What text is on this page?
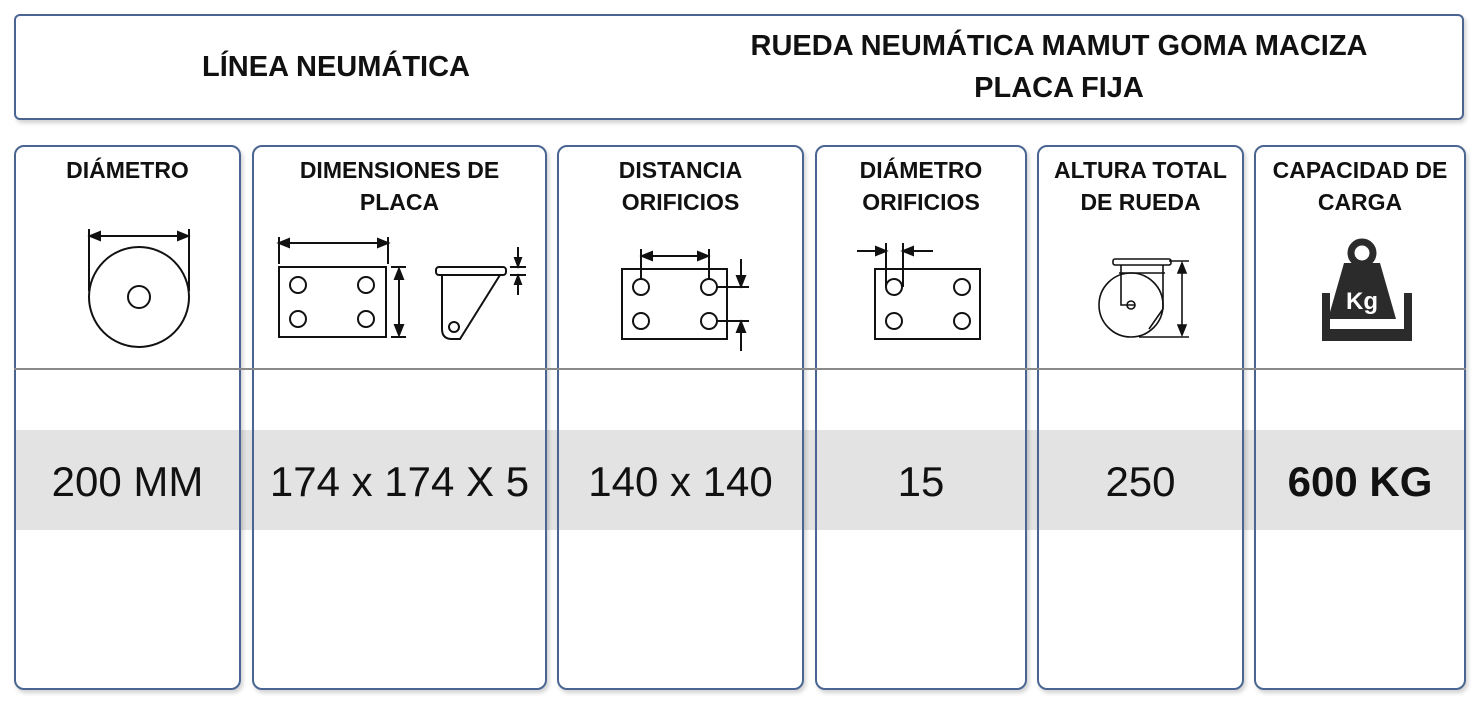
LÍNEA NEUMÁTICA
RUEDA NEUMÁTICA MAMUT GOMA MACIZA
PLACA FIJA
DIÁMETRO
200 MM
DIMENSIONES DE
PLACA
174 x 174 X 5
DISTANCIA
ORIFICIOS
140 x 140
DIÁMETRO
ORIFICIOS
15
ALTURA TOTAL
DE RUEDA
250
CAPACIDAD DE
CARGA
Kg
600 KG
